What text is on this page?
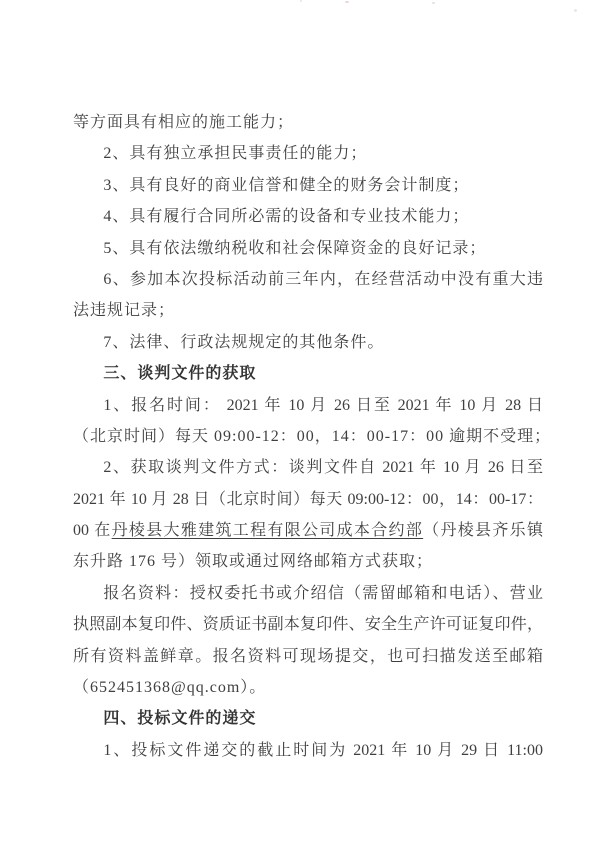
等方面具有相应的施工能力；
2、具有独立承担民事责任的能力；
3、具有良好的商业信誉和健全的财务会计制度；
4、具有履行合同所必需的设备和专业技术能力；
5、具有依法缴纳税收和社会保障资金的良好记录；
6、参加本次投标活动前三年内，在经营活动中没有重大违
法违规记录；
7、法律、行政法规规定的其他条件。
三、谈判文件的获取
1、报名时间： 2021 年 10 月 26 日至 2021 年 10 月 28 日
（北京时间）每天 09:00-12：00，14：00-17：00 逾期不受理；
2、获取谈判文件方式：谈判文件自 2021 年 10 月 26 日至
2021 年 10 月 28 日（北京时间）每天 09:00-12：00，14：00-17：
00 在丹棱县大雅建筑工程有限公司成本合约部（丹棱县齐乐镇
东升路 176 号）领取或通过网络邮箱方式获取；
报名资料：授权委托书或介绍信（需留邮箱和电话）、营业
执照副本复印件、资质证书副本复印件、安全生产许可证复印件，
所有资料盖鲜章。报名资料可现场提交，也可扫描发送至邮箱
（652451368@qq.com）。
四、投标文件的递交
1、投标文件递交的截止时间为 2021 年 10 月 29 日 11:00
